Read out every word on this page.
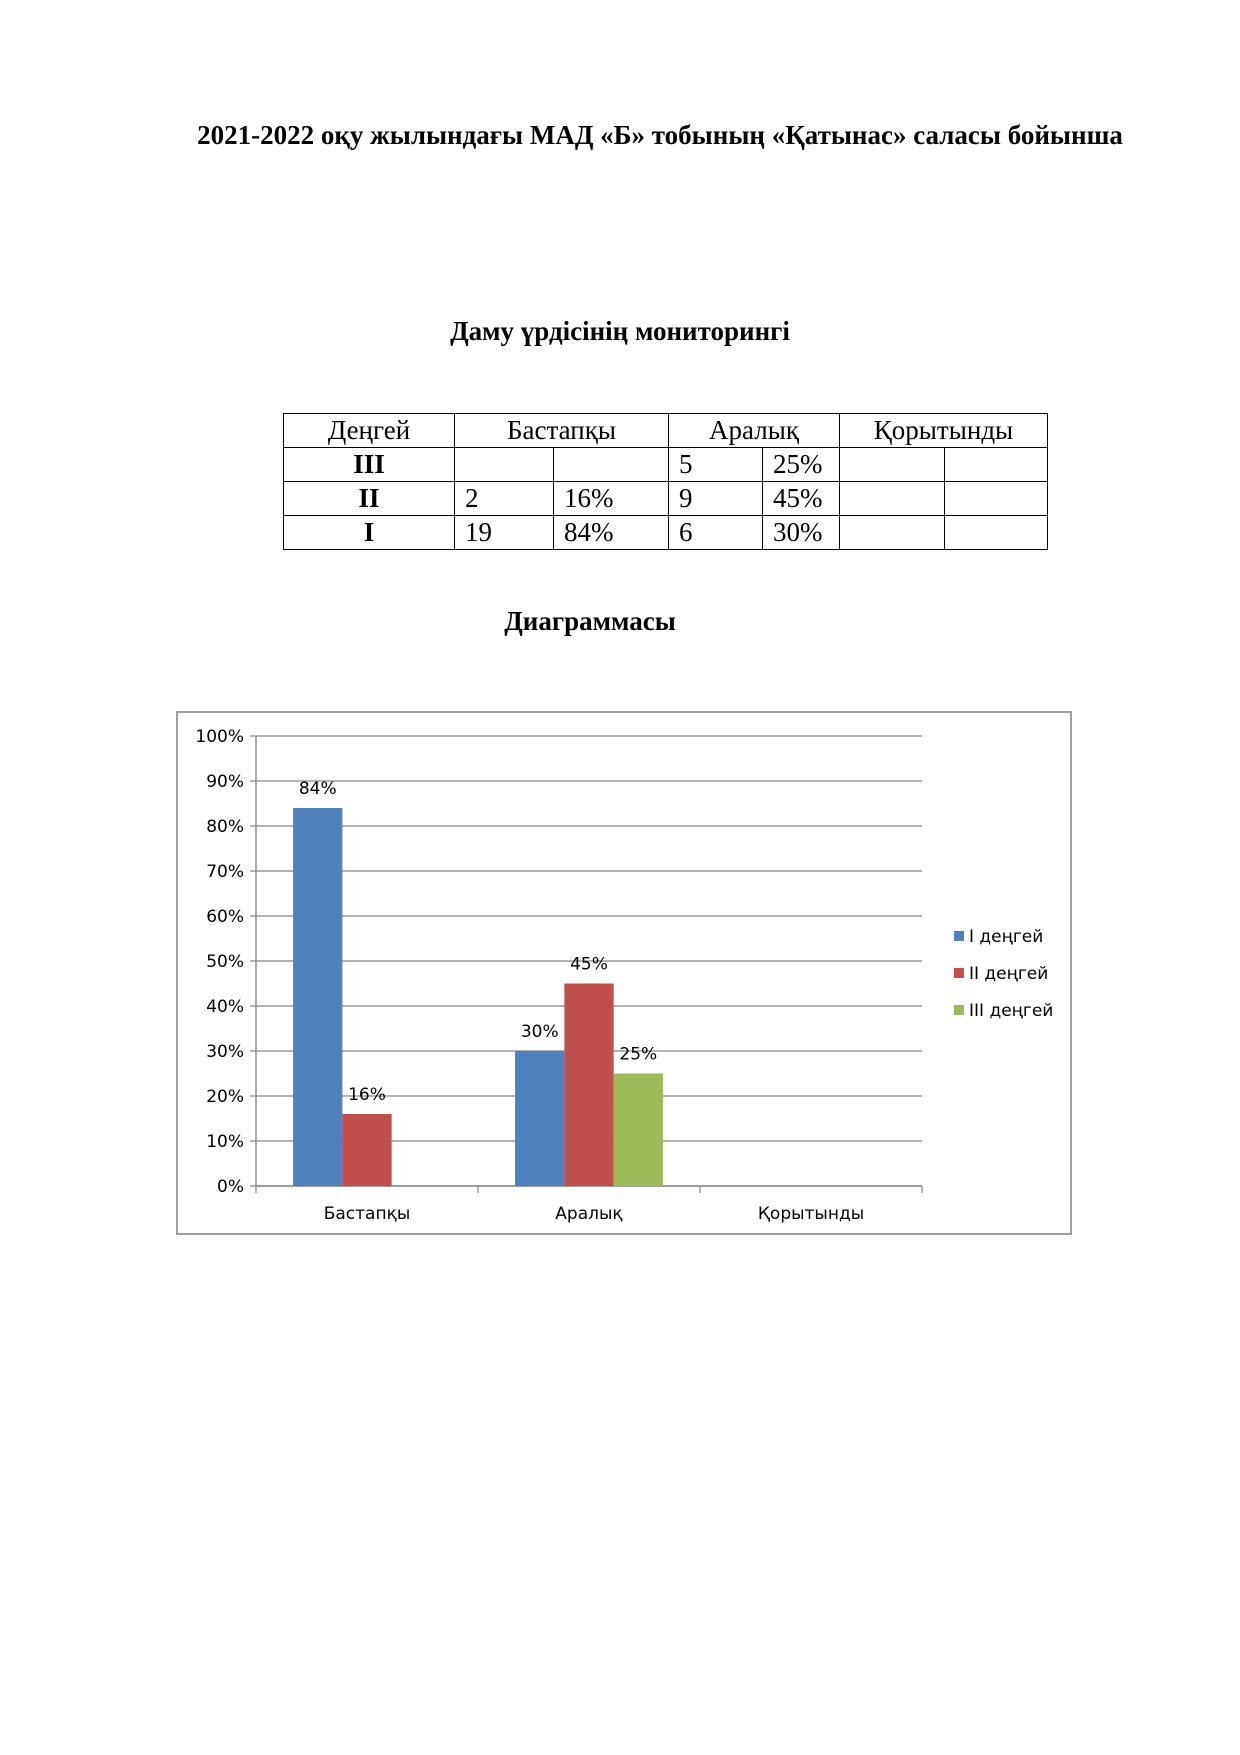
2021-2022 оқу жылындағы МАД «Б» тобының «Қатынас» саласы бойынша
Даму үрдісінің мониторингі
Деңгей	Бастапқы		Аралық		Қорытынды	
III			5	25%		
II	2	16%	9	45%		
I	19	84%	6	30%		
Диаграммасы
0%
10%
20%
30%
40%
50%
60%
70%
80%
90%
100%
Бастапқы	Аралық	Қорытынды
84%
30%
16%
45%
25%
I деңгей
II деңгей
III деңгей
